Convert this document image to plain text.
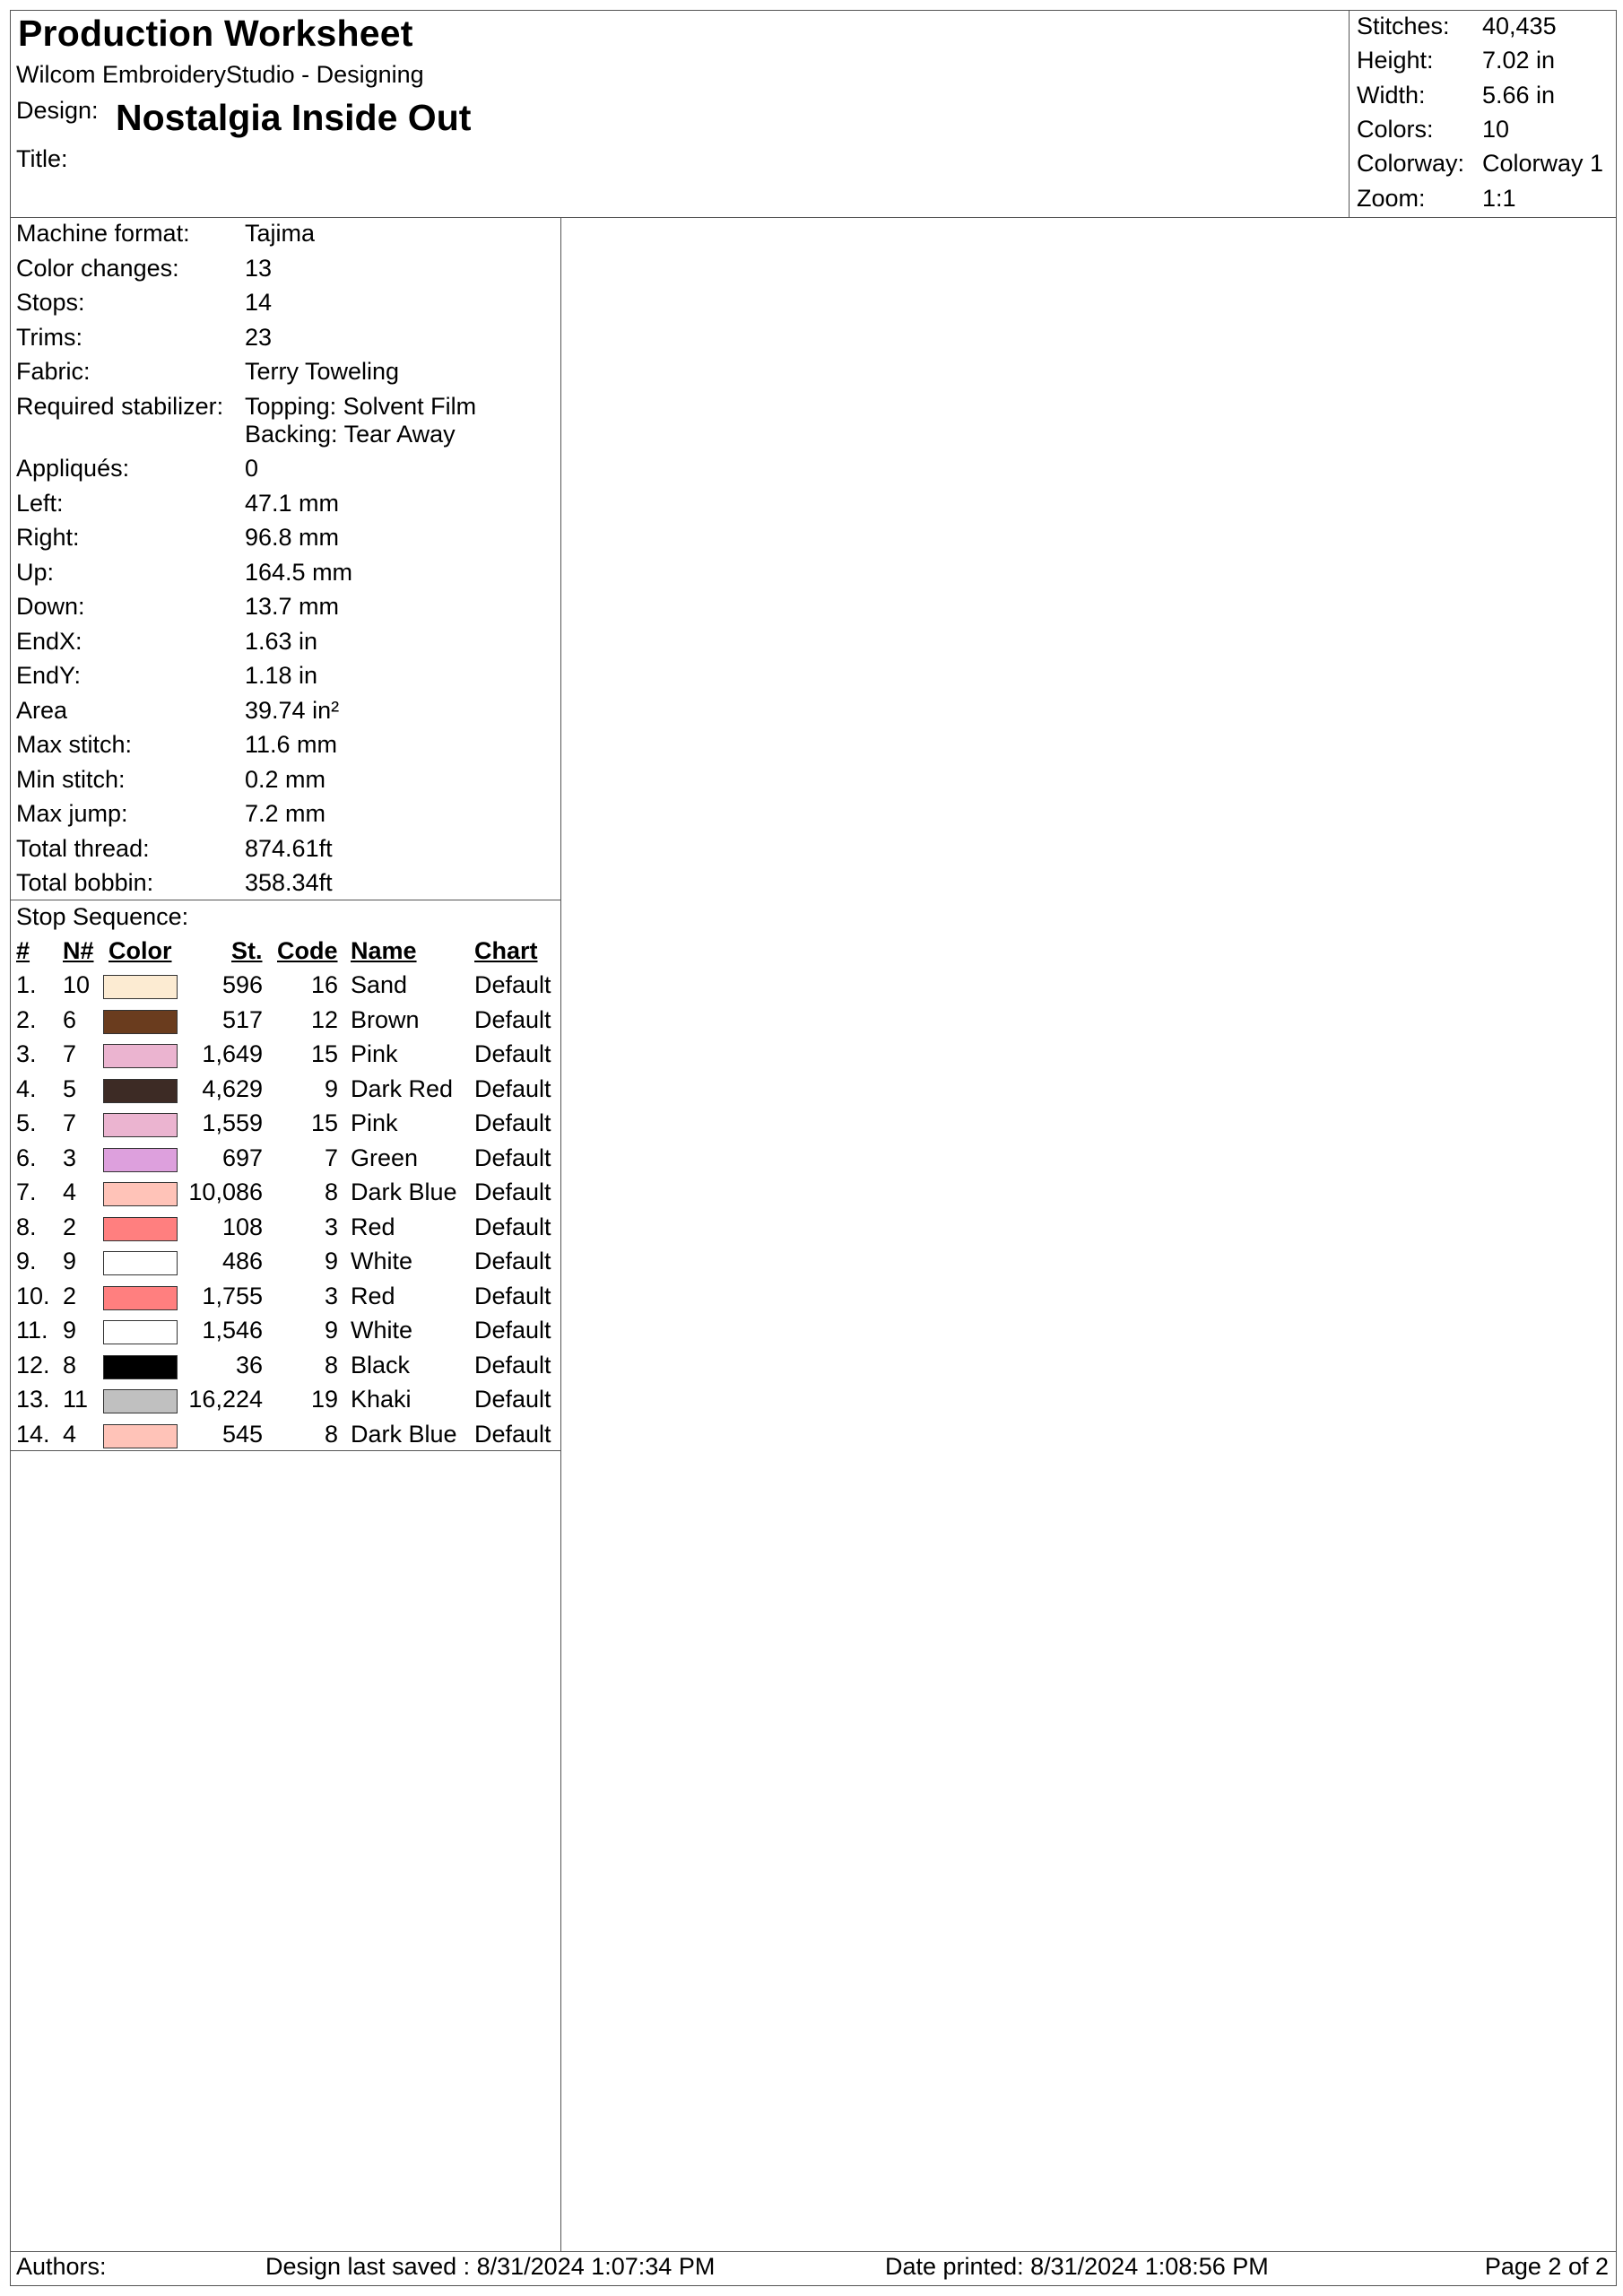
Production Worksheet
Wilcom EmbroideryStudio - Designing
Design: Nostalgia Inside Out
Title:
Stitches: 40,435
Height: 7.02 in
Width: 5.66 in
Colors: 10
Colorway: Colorway 1
Zoom: 1:1
Machine format: Tajima
Color changes:	13
Stops:	14
Trims:	23
Fabric:	Terry Toweling
Required stabilizer: Topping: Solvent Film
Backing: Tear Away
Appliqués:	0
Left:	47.1 mm
Right:	96.8 mm
Up:	164.5 mm
Down:	13.7 mm
EndX:	1.63 in
EndY:	1.18 in
Area	39.74 in²
Max stitch:	11.6 mm
Min stitch:	0.2 mm
Max jump:	7.2 mm
Total thread:	874.61ft
Total bobbin:	358.34ft
Stop Sequence:
# N# Color St. Code Name Chart
1. 10	596 16 Sand	Default
2. 6	517 12 Brown Default
3. 7	1,649 15 Pink	Default
4. 5	4,629	9 Dark Red Default
5. 7	1,559 15 Pink	Default
6. 3	697	7 Green Default
7. 4	10,086	8 Dark Blue Default
8. 2	108	3 Red	Default
9. 9	486	9 White	Default
10. 2	1,755	3 Red	Default
11. 9	1,546	9 White	Default
12. 8	36	8 Black	Default
13. 11	16,224 19 Khaki	Default
14. 4	545	8 Dark Blue Default
Authors:	Design last saved : 8/31/2024 1:07:34 PM	Date printed: 8/31/2024 1:08:56 PM	Page 2 of 2
